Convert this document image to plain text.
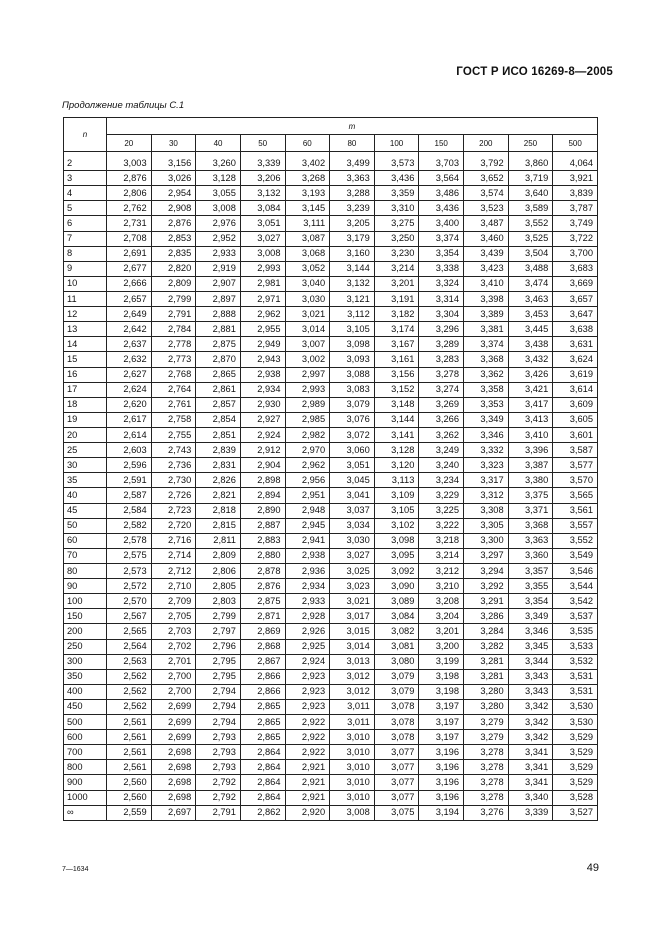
ГОСТ Р ИСО 16269-8—2005
Продолжение таблицы С.1
n	m										
	20	30	40	50	60	80	100	150	200	250	500
2	3,003	3,156	3,260	3,339	3,402	3,499	3,573	3,703	3,792	3,860	4,064
3	2,876	3,026	3,128	3,206	3,268	3,363	3,436	3,564	3,652	3,719	3,921
4	2,806	2,954	3,055	3,132	3,193	3,288	3,359	3,486	3,574	3,640	3,839
5	2,762	2,908	3,008	3,084	3,145	3,239	3,310	3,436	3,523	3,589	3,787
6	2,731	2,876	2,976	3,051	3,111	3,205	3,275	3,400	3,487	3,552	3,749
7	2,708	2,853	2,952	3,027	3,087	3,179	3,250	3,374	3,460	3,525	3,722
8	2,691	2,835	2,933	3,008	3,068	3,160	3,230	3,354	3,439	3,504	3,700
9	2,677	2,820	2,919	2,993	3,052	3,144	3,214	3,338	3,423	3,488	3,683
10	2,666	2,809	2,907	2,981	3,040	3,132	3,201	3,324	3,410	3,474	3,669
11	2,657	2,799	2,897	2,971	3,030	3,121	3,191	3,314	3,398	3,463	3,657
12	2,649	2,791	2,888	2,962	3,021	3,112	3,182	3,304	3,389	3,453	3,647
13	2,642	2,784	2,881	2,955	3,014	3,105	3,174	3,296	3,381	3,445	3,638
14	2,637	2,778	2,875	2,949	3,007	3,098	3,167	3,289	3,374	3,438	3,631
15	2,632	2,773	2,870	2,943	3,002	3,093	3,161	3,283	3,368	3,432	3,624
16	2,627	2,768	2,865	2,938	2,997	3,088	3,156	3,278	3,362	3,426	3,619
17	2,624	2,764	2,861	2,934	2,993	3,083	3,152	3,274	3,358	3,421	3,614
18	2,620	2,761	2,857	2,930	2,989	3,079	3,148	3,269	3,353	3,417	3,609
19	2,617	2,758	2,854	2,927	2,985	3,076	3,144	3,266	3,349	3,413	3,605
20	2,614	2,755	2,851	2,924	2,982	3,072	3,141	3,262	3,346	3,410	3,601
25	2,603	2,743	2,839	2,912	2,970	3,060	3,128	3,249	3,332	3,396	3,587
30	2,596	2,736	2,831	2,904	2,962	3,051	3,120	3,240	3,323	3,387	3,577
35	2,591	2,730	2,826	2,898	2,956	3,045	3,113	3,234	3,317	3,380	3,570
40	2,587	2,726	2,821	2,894	2,951	3,041	3,109	3,229	3,312	3,375	3,565
45	2,584	2,723	2,818	2,890	2,948	3,037	3,105	3,225	3,308	3,371	3,561
50	2,582	2,720	2,815	2,887	2,945	3,034	3,102	3,222	3,305	3,368	3,557
60	2,578	2,716	2,811	2,883	2,941	3,030	3,098	3,218	3,300	3,363	3,552
70	2,575	2,714	2,809	2,880	2,938	3,027	3,095	3,214	3,297	3,360	3,549
80	2,573	2,712	2,806	2,878	2,936	3,025	3,092	3,212	3,294	3,357	3,546
90	2,572	2,710	2,805	2,876	2,934	3,023	3,090	3,210	3,292	3,355	3,544
100	2,570	2,709	2,803	2,875	2,933	3,021	3,089	3,208	3,291	3,354	3,542
150	2,567	2,705	2,799	2,871	2,928	3,017	3,084	3,204	3,286	3,349	3,537
200	2,565	2,703	2,797	2,869	2,926	3,015	3,082	3,201	3,284	3,346	3,535
250	2,564	2,702	2,796	2,868	2,925	3,014	3,081	3,200	3,282	3,345	3,533
300	2,563	2,701	2,795	2,867	2,924	3,013	3,080	3,199	3,281	3,344	3,532
350	2,562	2,700	2,795	2,866	2,923	3,012	3,079	3,198	3,281	3,343	3,531
400	2,562	2,700	2,794	2,866	2,923	3,012	3,079	3,198	3,280	3,343	3,531
450	2,562	2,699	2,794	2,865	2,923	3,011	3,078	3,197	3,280	3,342	3,530
500	2,561	2,699	2,794	2,865	2,922	3,011	3,078	3,197	3,279	3,342	3,530
600	2,561	2,699	2,793	2,865	2,922	3,010	3,078	3,197	3,279	3,342	3,529
700	2,561	2,698	2,793	2,864	2,922	3,010	3,077	3,196	3,278	3,341	3,529
800	2,561	2,698	2,793	2,864	2,921	3,010	3,077	3,196	3,278	3,341	3,529
900	2,560	2,698	2,792	2,864	2,921	3,010	3,077	3,196	3,278	3,341	3,529
1000	2,560	2,698	2,792	2,864	2,921	3,010	3,077	3,196	3,278	3,340	3,528
∞	2,559	2,697	2,791	2,862	2,920	3,008	3,075	3,194	3,276	3,339	3,527
7—1634	49
